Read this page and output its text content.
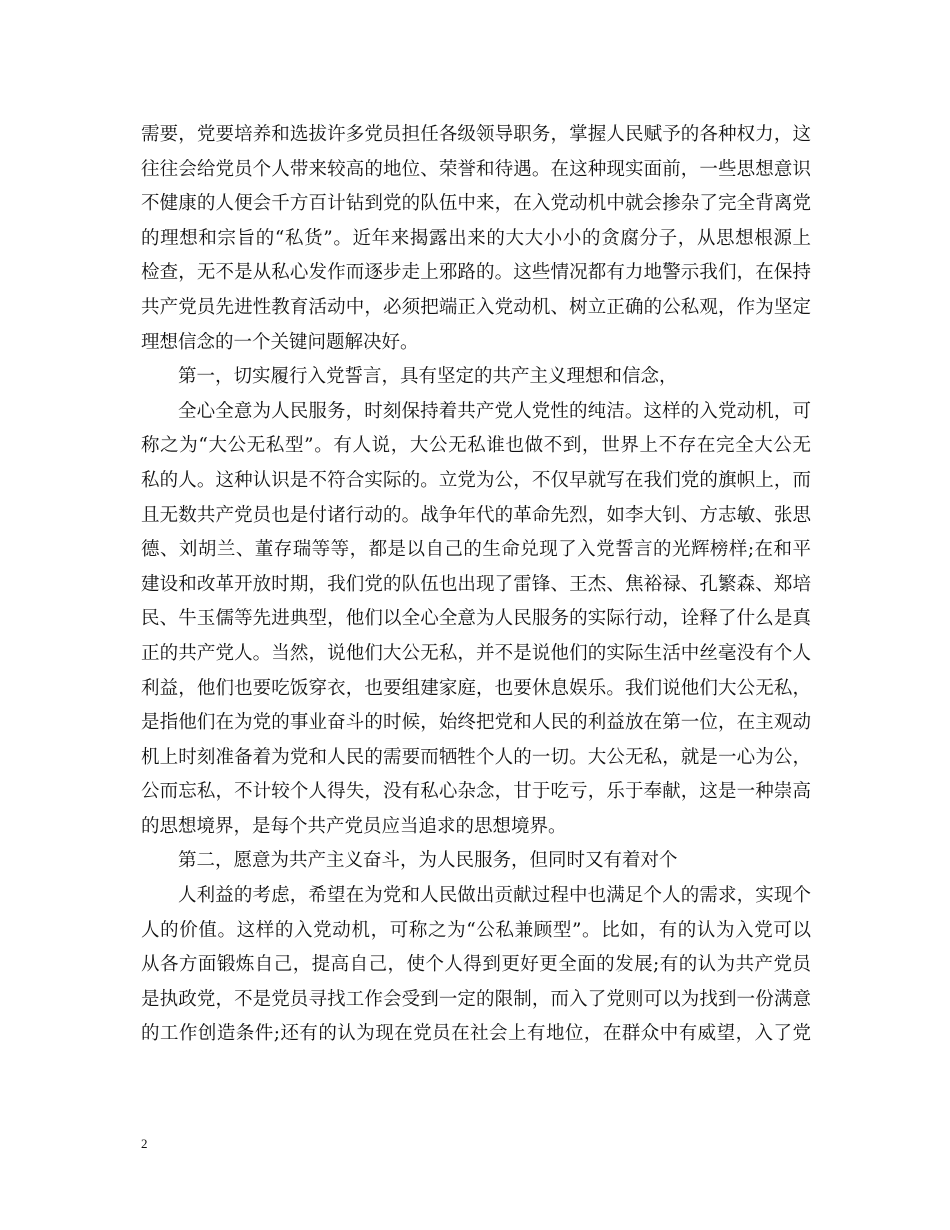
需要，党要培养和选拔许多党员担任各级领导职务，掌握人民赋予的各种权力，这
往往会给党员个人带来较高的地位、荣誉和待遇。在这种现实面前，一些思想意识
不健康的人便会千方百计钻到党的队伍中来，在入党动机中就会掺杂了完全背离党
的理想和宗旨的“私货”。近年来揭露出来的大大小小的贪腐分子，从思想根源上
检查，无不是从私心发作而逐步走上邪路的。这些情况都有力地警示我们，在保持
共产党员先进性教育活动中，必须把端正入党动机、树立正确的公私观，作为坚定
理想信念的一个关键问题解决好。
第一，切实履行入党誓言，具有坚定的共产主义理想和信念，
全心全意为人民服务，时刻保持着共产党人党性的纯洁。这样的入党动机，可
称之为“大公无私型”。有人说，大公无私谁也做不到，世界上不存在完全大公无
私的人。这种认识是不符合实际的。立党为公，不仅早就写在我们党的旗帜上，而
且无数共产党员也是付诸行动的。战争年代的革命先烈，如李大钊、方志敏、张思
德、刘胡兰、董存瑞等等，都是以自己的生命兑现了入党誓言的光辉榜样;在和平
建设和改革开放时期，我们党的队伍也出现了雷锋、王杰、焦裕禄、孔繁森、郑培
民、牛玉儒等先进典型，他们以全心全意为人民服务的实际行动，诠释了什么是真
正的共产党人。当然，说他们大公无私，并不是说他们的实际生活中丝毫没有个人
利益，他们也要吃饭穿衣，也要组建家庭，也要休息娱乐。我们说他们大公无私，
是指他们在为党的事业奋斗的时候，始终把党和人民的利益放在第一位，在主观动
机上时刻准备着为党和人民的需要而牺牲个人的一切。大公无私，就是一心为公，
公而忘私，不计较个人得失，没有私心杂念，甘于吃亏，乐于奉献，这是一种崇高
的思想境界，是每个共产党员应当追求的思想境界。
第二，愿意为共产主义奋斗，为人民服务，但同时又有着对个
人利益的考虑，希望在为党和人民做出贡献过程中也满足个人的需求，实现个
人的价值。这样的入党动机，可称之为“公私兼顾型”。比如，有的认为入党可以
从各方面锻炼自己，提高自己，使个人得到更好更全面的发展;有的认为共产党员
是执政党，不是党员寻找工作会受到一定的限制，而入了党则可以为找到一份满意
的工作创造条件;还有的认为现在党员在社会上有地位，在群众中有威望，入了党
2
